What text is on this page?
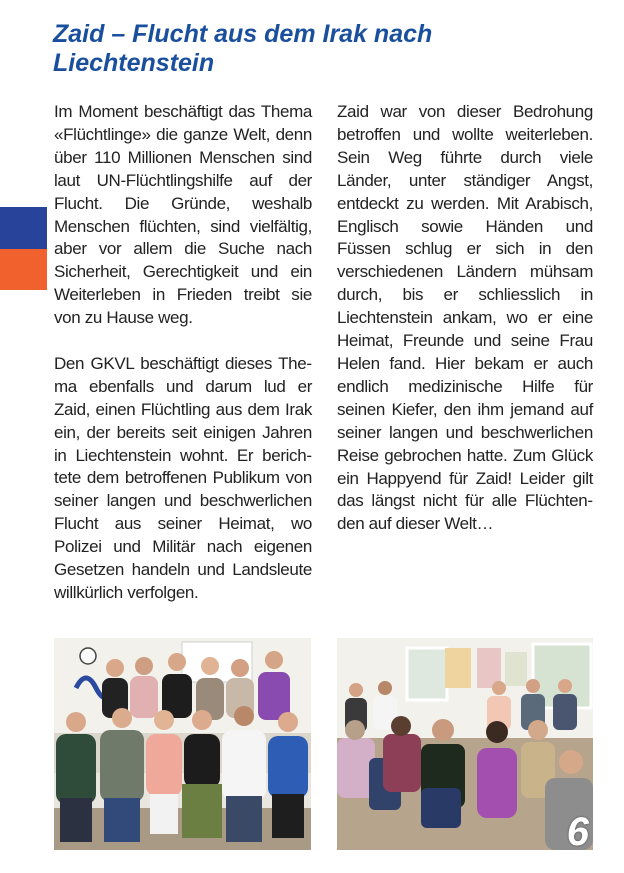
Zaid – Flucht aus dem Irak nach Liechtenstein

Im Moment beschäftigt das Thema «Flüchtlinge» die ganze Welt, denn über 110 Millionen Menschen sind laut UN-Flüchtlingshilfe auf der Flucht. Die Gründe, weshalb Menschen flüchten, sind vielfältig, aber vor allem die Suche nach Sicherheit, Gerechtigkeit und ein Weiterleben in Frieden treibt sie von zu Hause weg.

Den GKVL beschäftigt dieses Thema ebenfalls und darum lud er Zaid, einen Flüchtling aus dem Irak ein, der bereits seit einigen Jahren in Liechtenstein wohnt. Er berichtete dem betroffenen Publikum von seiner langen und beschwerlichen Flucht aus seiner Heimat, wo Polizei und Militär nach eigenen Gesetzen handeln und Landsleute willkürlich verfolgen.

Zaid war von dieser Bedrohung betroffen und wollte weiterleben. Sein Weg führte durch viele Länder, unter ständiger Angst, entdeckt zu werden. Mit Arabisch, Englisch sowie Händen und Füssen schlug er sich in den verschiedenen Ländern mühsam durch, bis er schliesslich in Liechtenstein ankam, wo er eine Heimat, Freunde und seine Frau Helen fand. Hier bekam er auch endlich medizinische Hilfe für seinen Kiefer, den ihm jemand auf seiner langen und beschwerlichen Reise gebrochen hatte. Zum Glück ein Happyend für Zaid! Leider gilt das längst nicht für alle Flüchtenden auf dieser Welt…

6
